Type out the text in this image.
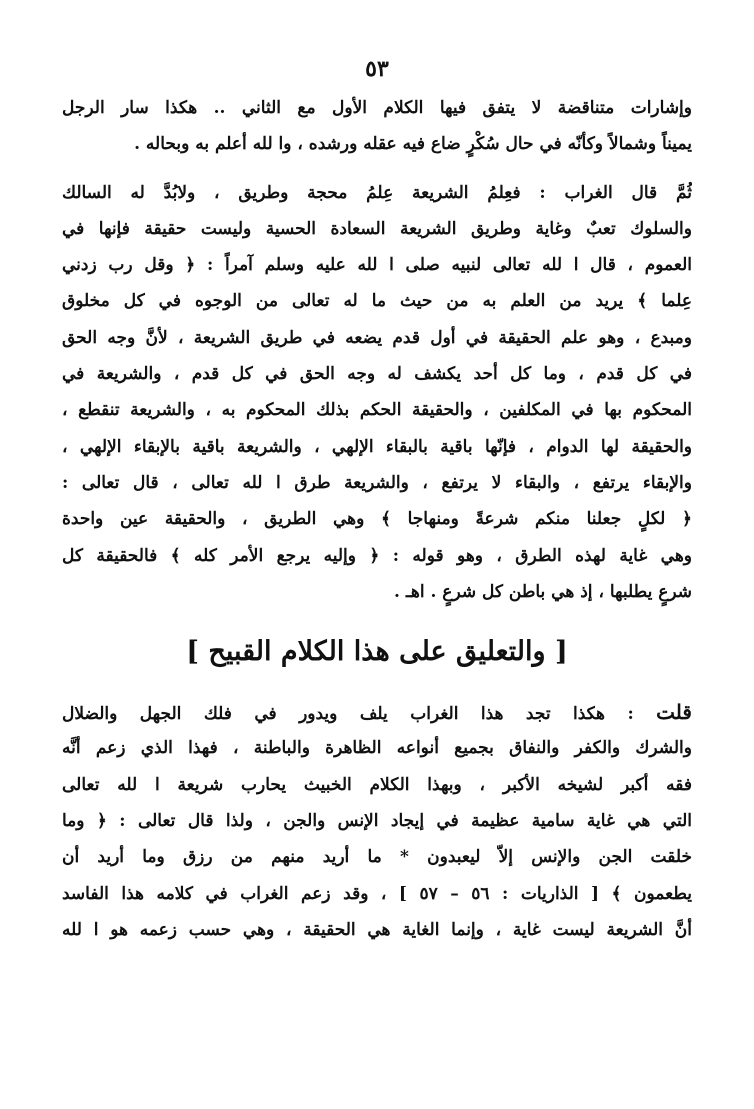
٥٣
وإشارات متناقضة لا يتفق فيها الكلام الأول مع الثاني .. هكذا سار الرجل
يميناً وشمالاً وكأنّه في حال سُكْرٍ ضاع فيه عقله ورشده ، وا لله أعلم به وبحاله .
ثُمَّ قال الغراب : فعِلمُ الشريعة عِلمُ محجة وطريق ، ولابُدَّ له السالك
والسلوك تعبٌ وغاية وطريق الشريعة السعادة الحسية وليست حقيقة فإنها في
العموم ، قال ا لله تعالى لنبيه صلى ا لله عليه وسلم آمراً : ﴿ وقل رب زدني
عِلما ﴾ يريد من العلم به من حيث ما له تعالى من الوجوه في كل مخلوق
ومبدع ، وهو علم الحقيقة في أول قدم يضعه في طريق الشريعة ، لأنَّ وجه الحق
في كل قدم ، وما كل أحد يكشف له وجه الحق في كل قدم ، والشريعة في
المحكوم بها في المكلفين ، والحقيقة الحكم بذلك المحكوم به ، والشريعة تنقطع ،
والحقيقة لها الدوام ، فإنّها باقية بالبقاء الإلهي ، والشريعة باقية بالإبقاء الإلهي ،
والإبقاء يرتفع ، والبقاء لا يرتفع ، والشريعة طرق ا لله تعالى ، قال تعالى :
﴿ لكلٍ جعلنا منكم شرعةً ومنهاجا ﴾ وهي الطريق ، والحقيقة عين واحدة
وهي غاية لهذه الطرق ، وهو قوله : ﴿ وإليه يرجع الأمر كله ﴾ فالحقيقة كل
شرعٍ يطلبها ، إذ هي باطن كل شرعٍ . اهـ .
[ والتعليق على هذا الكلام القبيح ]
قلت : هكذا تجد هذا الغراب يلف ويدور في فلك الجهل والضلال
والشرك والكفر والنفاق بجميع أنواعه الظاهرة والباطنة ، فهذا الذي زعم أنَّه
فقه أكبر لشيخه الأكبر ، وبهذا الكلام الخبيث يحارب شريعة ا لله تعالى
التي هي غاية سامية عظيمة في إيجاد الإنس والجن ، ولذا قال تعالى : ﴿ وما
خلقت الجن والإنس إلاّ ليعبدون * ما أريد منهم من رزق وما أريد أن
يطعمون ﴾ [ الذاريات : ٥٦ – ٥٧ ] ، وقد زعم الغراب في كلامه هذا الفاسد
أنَّ الشريعة ليست غاية ، وإنما الغاية هي الحقيقة ، وهي حسب زعمه هو ا لله
